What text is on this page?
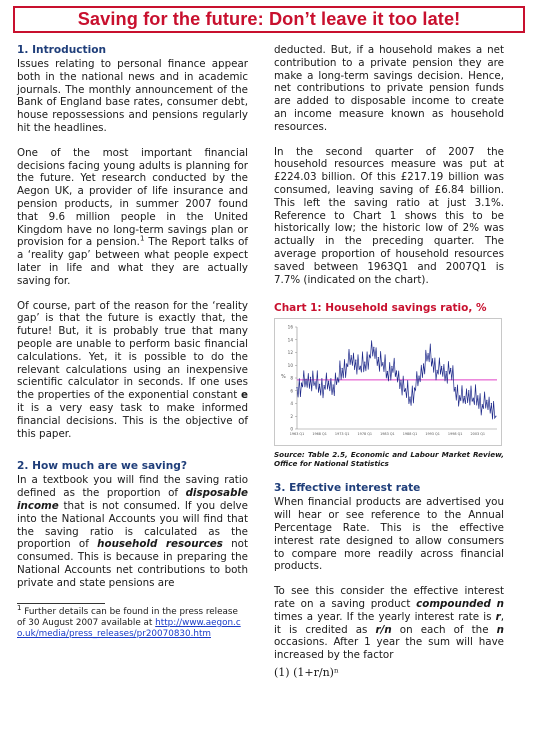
Saving for the future: Don’t leave it too late!
1. Introduction

Issues relating to personal finance appear both in the national news and in academic journals. The monthly announcement of the Bank of England base rates, consumer debt, house repossessions and pensions regularly hit the headlines.

One of the most important financial decisions facing young adults is planning for the future. Yet research conducted by the Aegon UK, a provider of life insurance and pension products, in summer 2007 found that 9.6 million people in the United Kingdom have no long-term savings plan or provision for a pension.$^1$ The Report talks of a ‘reality gap’ between what people expect later in life and what they are actually saving for.

Of course, part of the reason for the ‘reality gap’ is that the future is exactly that, the future! But, it is probably true that many people are unable to perform basic financial calculations. Yet, it is possible to do the relevant calculations using an inexpensive scientific calculator in seconds. If one uses the properties of the exponential constant e it is a very easy task to make informed financial decisions. This is the objective of this paper.

2. How much are we saving?

In a textbook you will find the saving ratio defined as the proportion of disposable income that is not consumed. If you delve into the National Accounts you will find that the saving ratio is calculated as the proportion of household resources not consumed. This is because in preparing the National Accounts net contributions to both private and state pensions are

$^1$ Further details can be found in the press release of 30 August 2007 available at http://www.aegon.co.uk/media/press_releases/pr20070830.htm

deducted. But, if a household makes a net contribution to a private pension they are make a long-term savings decision. Hence, net contributions to private pension funds are added to disposable income to create an income measure known as household resources.

In the second quarter of 2007 the household resources measure was put at £224.03 billion. Of this £217.19 billion was consumed, leaving saving of £6.84 billion. This left the saving ratio at just 3.1%. Reference to Chart 1 shows this to be historically low; the historic low of 2% was actually in the preceding quarter. The average proportion of household resources saved between 1963Q1 and 2007Q1 is 7.7% (indicated on the chart).

Chart 1: Household savings ratio, %
0
2
4
6
8
10
12
14
16
%
1963 Q1 1968 Q1 1973 Q1 1978 Q1 1983 Q1 1988 Q1 1993 Q1 1998 Q1 2003 Q1

Source: Table 2.5, Economic and Labour Market Review, Office for National Statistics

3. Effective interest rate

When financial products are advertised you will hear or see reference to the Annual Percentage Rate. This is the effective interest rate designed to allow consumers to compare more readily across financial products.

To see this consider the effective interest rate on a saving product compounded n times a year. If the yearly interest rate is r, it is credited as r/n on each of the n occasions. After 1 year the sum will have increased by the factor

(1) (1+r/n)ⁿ
